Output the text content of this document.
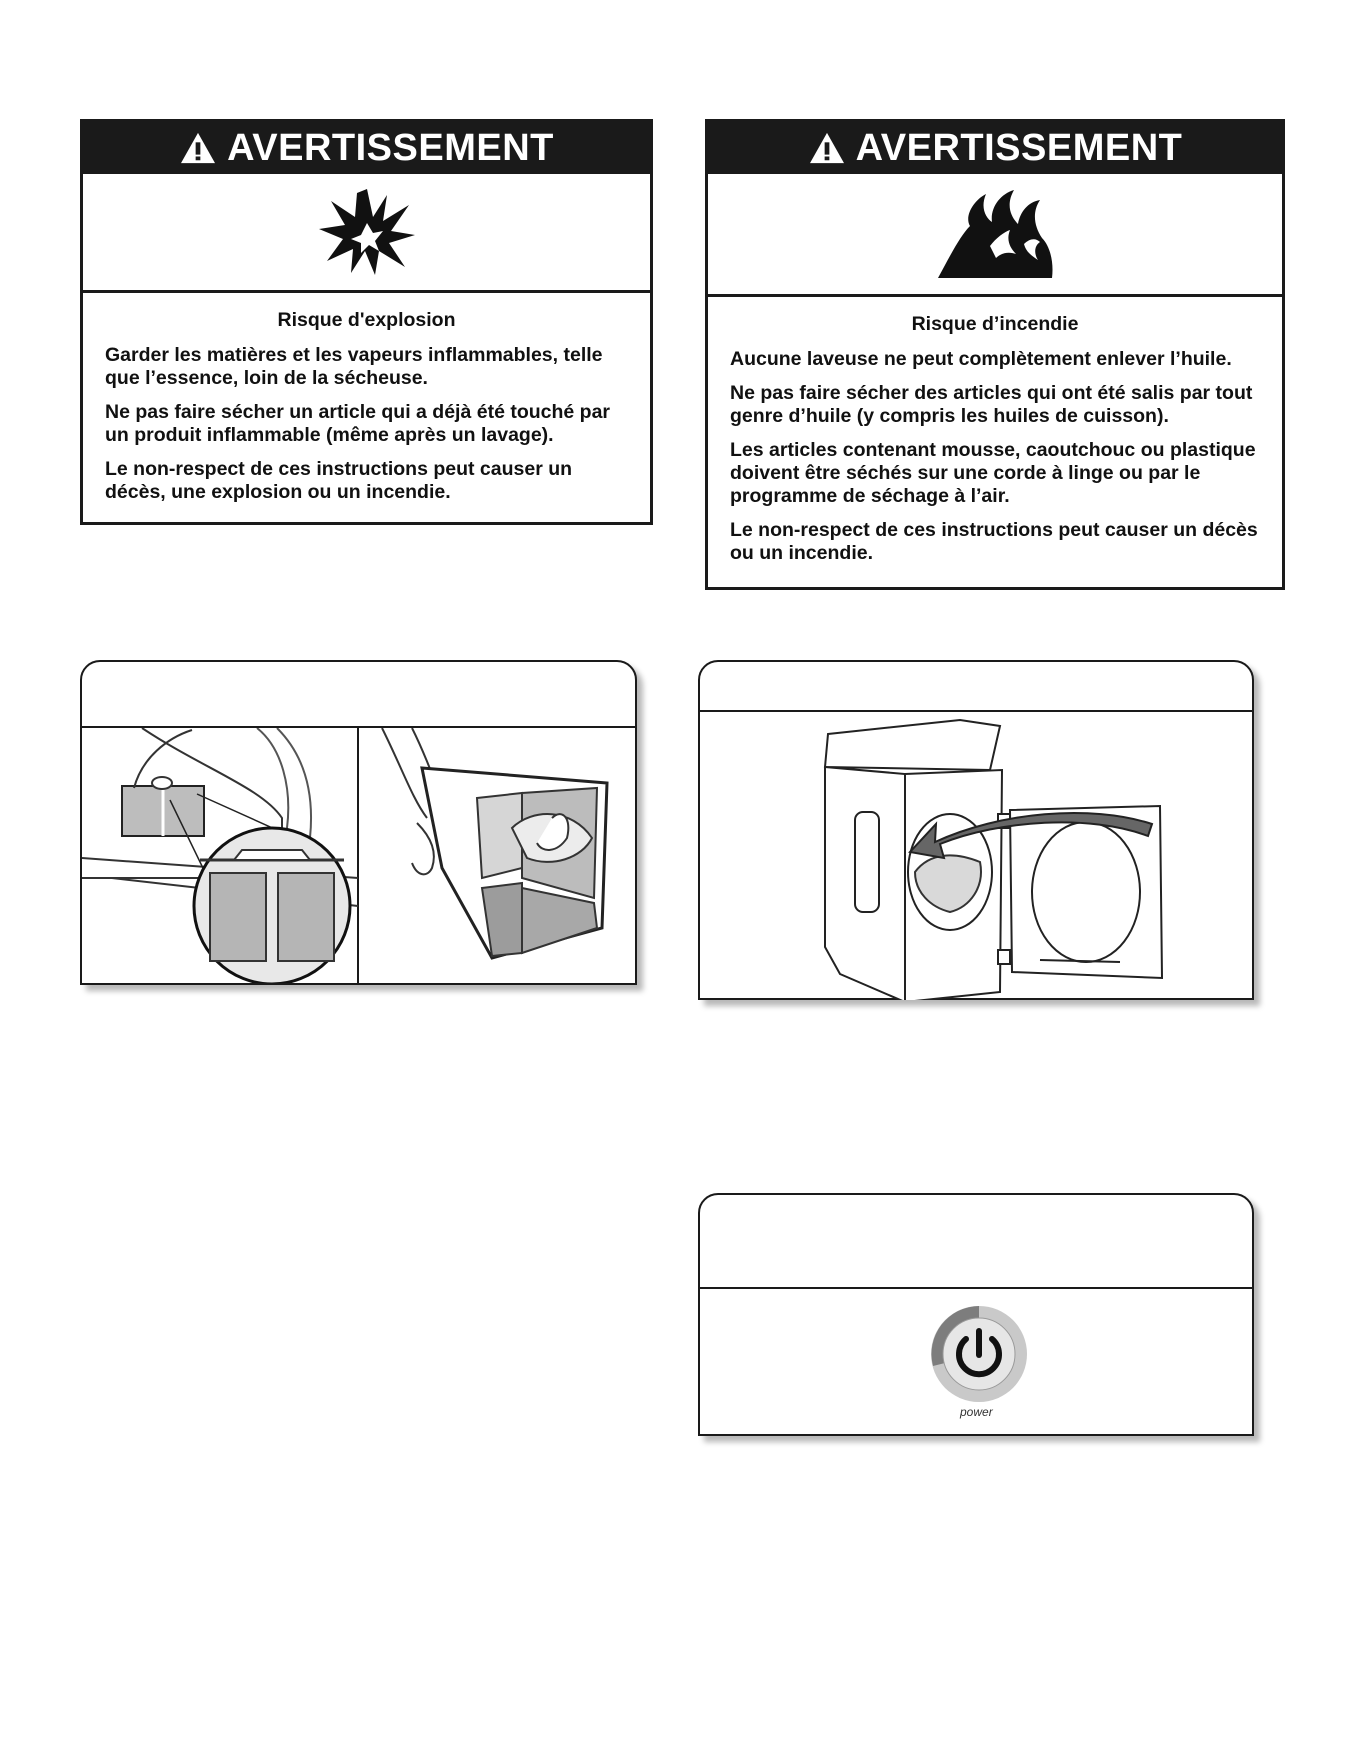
AVERTISSEMENT
Risque d'explosion

Garder les matières et les vapeurs inflammables, telle que l’essence, loin de la sécheuse.

Ne pas faire sécher un article qui a déjà été touché par un produit inflammable (même après un lavage).

Le non-respect de ces instructions peut causer un décès, une explosion ou un incendie.

AVERTISSEMENT
Risque d’incendie

Aucune laveuse ne peut complètement enlever l’huile.

Ne pas faire sécher des articles qui ont été salis par tout genre d’huile (y compris les huiles de cuisson).

Les articles contenant mousse, caoutchouc ou plastique doivent être séchés sur une corde à linge ou par le programme de séchage à l’air.

Le non-respect de ces instructions peut causer un décès ou un incendie.

power
